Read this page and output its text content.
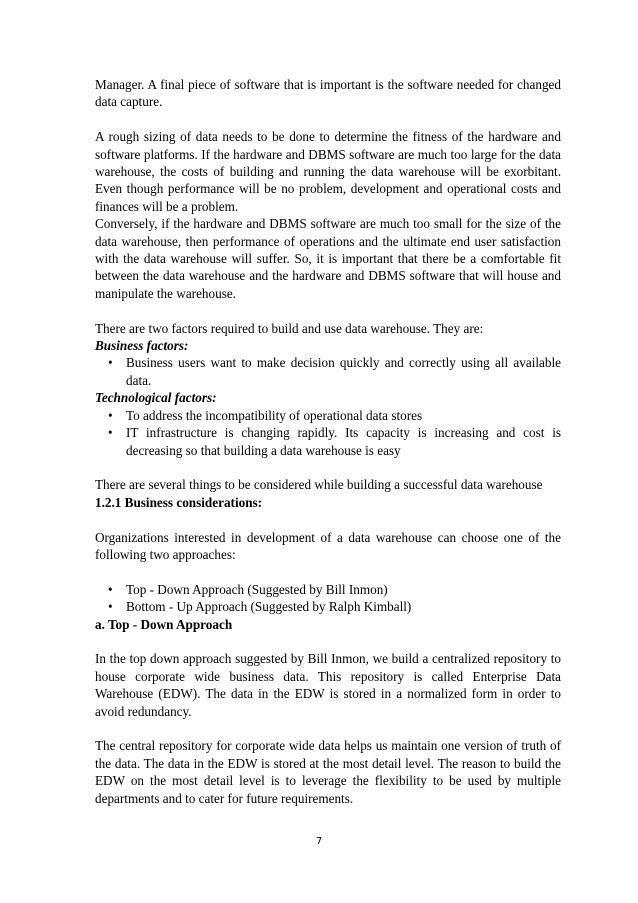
Manager. A final piece of software that is important is the software needed for changed data capture.

A rough sizing of data needs to be done to determine the fitness of the hardware and software platforms. If the hardware and DBMS software are much too large for the data warehouse, the costs of building and running the data warehouse will be exorbitant. Even though performance will be no problem, development and operational costs and finances will be a problem.

Conversely, if the hardware and DBMS software are much too small for the size of the data warehouse, then performance of operations and the ultimate end user satisfaction with the data warehouse will suffer. So, it is important that there be a comfortable fit between the data warehouse and the hardware and DBMS software that will house and manipulate the warehouse.

There are two factors required to build and use data warehouse. They are:

Business factors:
• Business users want to make decision quickly and correctly using all available data.
Technological factors:
• To address the incompatibility of operational data stores
• IT infrastructure is changing rapidly. Its capacity is increasing and cost is decreasing so that building a data warehouse is easy

There are several things to be considered while building a successful data warehouse

1.2.1 Business considerations:

Organizations interested in development of a data warehouse can choose one of the following two approaches:

• Top - Down Approach (Suggested by Bill Inmon)
• Bottom - Up Approach (Suggested by Ralph Kimball)
a. Top - Down Approach

In the top down approach suggested by Bill Inmon, we build a centralized repository to house corporate wide business data. This repository is called Enterprise Data Warehouse (EDW). The data in the EDW is stored in a normalized form in order to avoid redundancy.

The central repository for corporate wide data helps us maintain one version of truth of the data. The data in the EDW is stored at the most detail level. The reason to build the EDW on the most detail level is to leverage the flexibility to be used by multiple departments and to cater for future requirements.

7
